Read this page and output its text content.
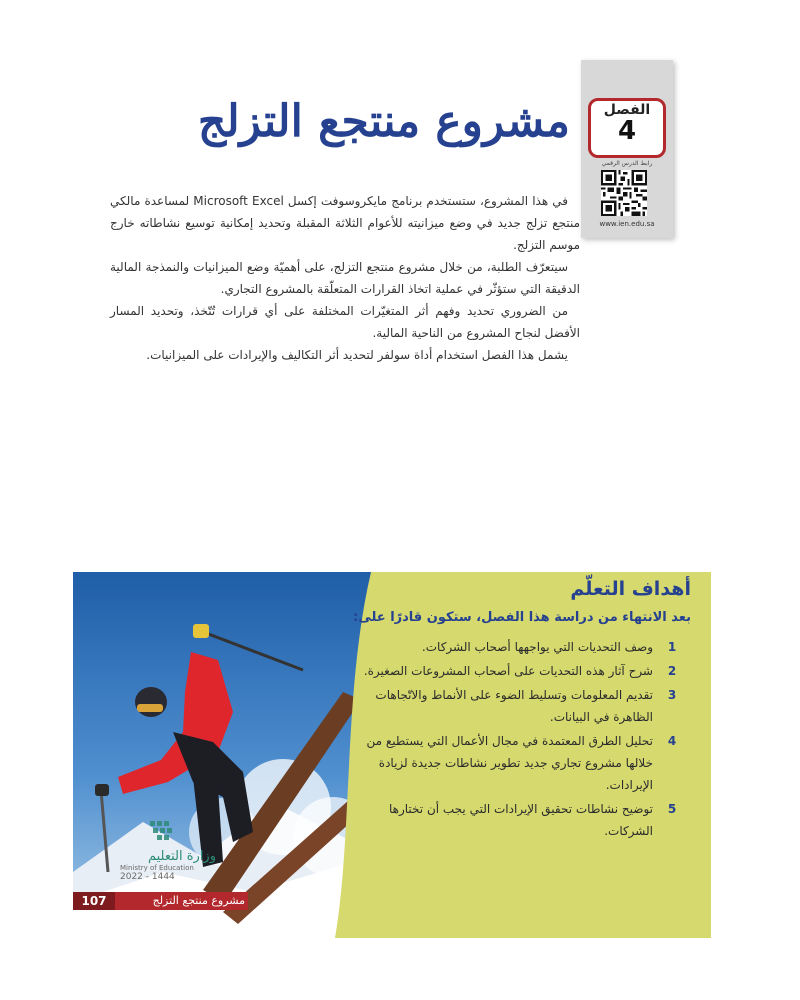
الفصل
4
رابط الدرس الرقمي
www.ien.edu.sa
مشروع منتجع التزلج

في هذا المشروع، ستستخدم برنامج مايكروسوفت إكسل Microsoft Excel لمساعدة مالكي منتجع تزلج جديد في وضع ميزانيته للأعوام الثلاثة المقبلة وتحديد إمكانية توسيع نشاطاته خارج موسم التزلج.

سيتعرّف الطلبة، من خلال مشروع منتجع التزلج، على أهميّة وضع الميزانيات والنمذجة المالية الدقيقة التي ستؤثّر في عملية اتخاذ القرارات المتعلّقة بالمشروع التجاري.

من الضروري تحديد وفهم أثر المتغيّرات المختلفة على أي قرارات تُتّخذ، وتحديد المسار الأفضل لنجاح المشروع من الناحية المالية.

يشمل هذا الفصل استخدام أداة سولفر لتحديد أثر التكاليف والإيرادات على الميزانيات.

أهداف التعلّم
بعد الانتهاء من دراسة هذا الفصل، ستكون قادرًا على:
1
وصف التحديات التي يواجهها أصحاب الشركات.
2
شرح آثار هذه التحديات على أصحاب المشروعات الصغيرة.
3
تقديم المعلومات وتسليط الضوء على الأنماط والاتّجاهات الظاهرة في البيانات.
4
تحليل الطرق المعتمدة في مجال الأعمال التي يستطيع من خلالها مشروع تجاري جديد تطوير نشاطات جديدة لزيادة الإيرادات.
5
توضيح نشاطات تحقيق الإيرادات التي يجب أن تختارها الشركات.
وزارة التعليم
Ministry of Education
2022 - 1444
107	مشروع منتجع التزلج
